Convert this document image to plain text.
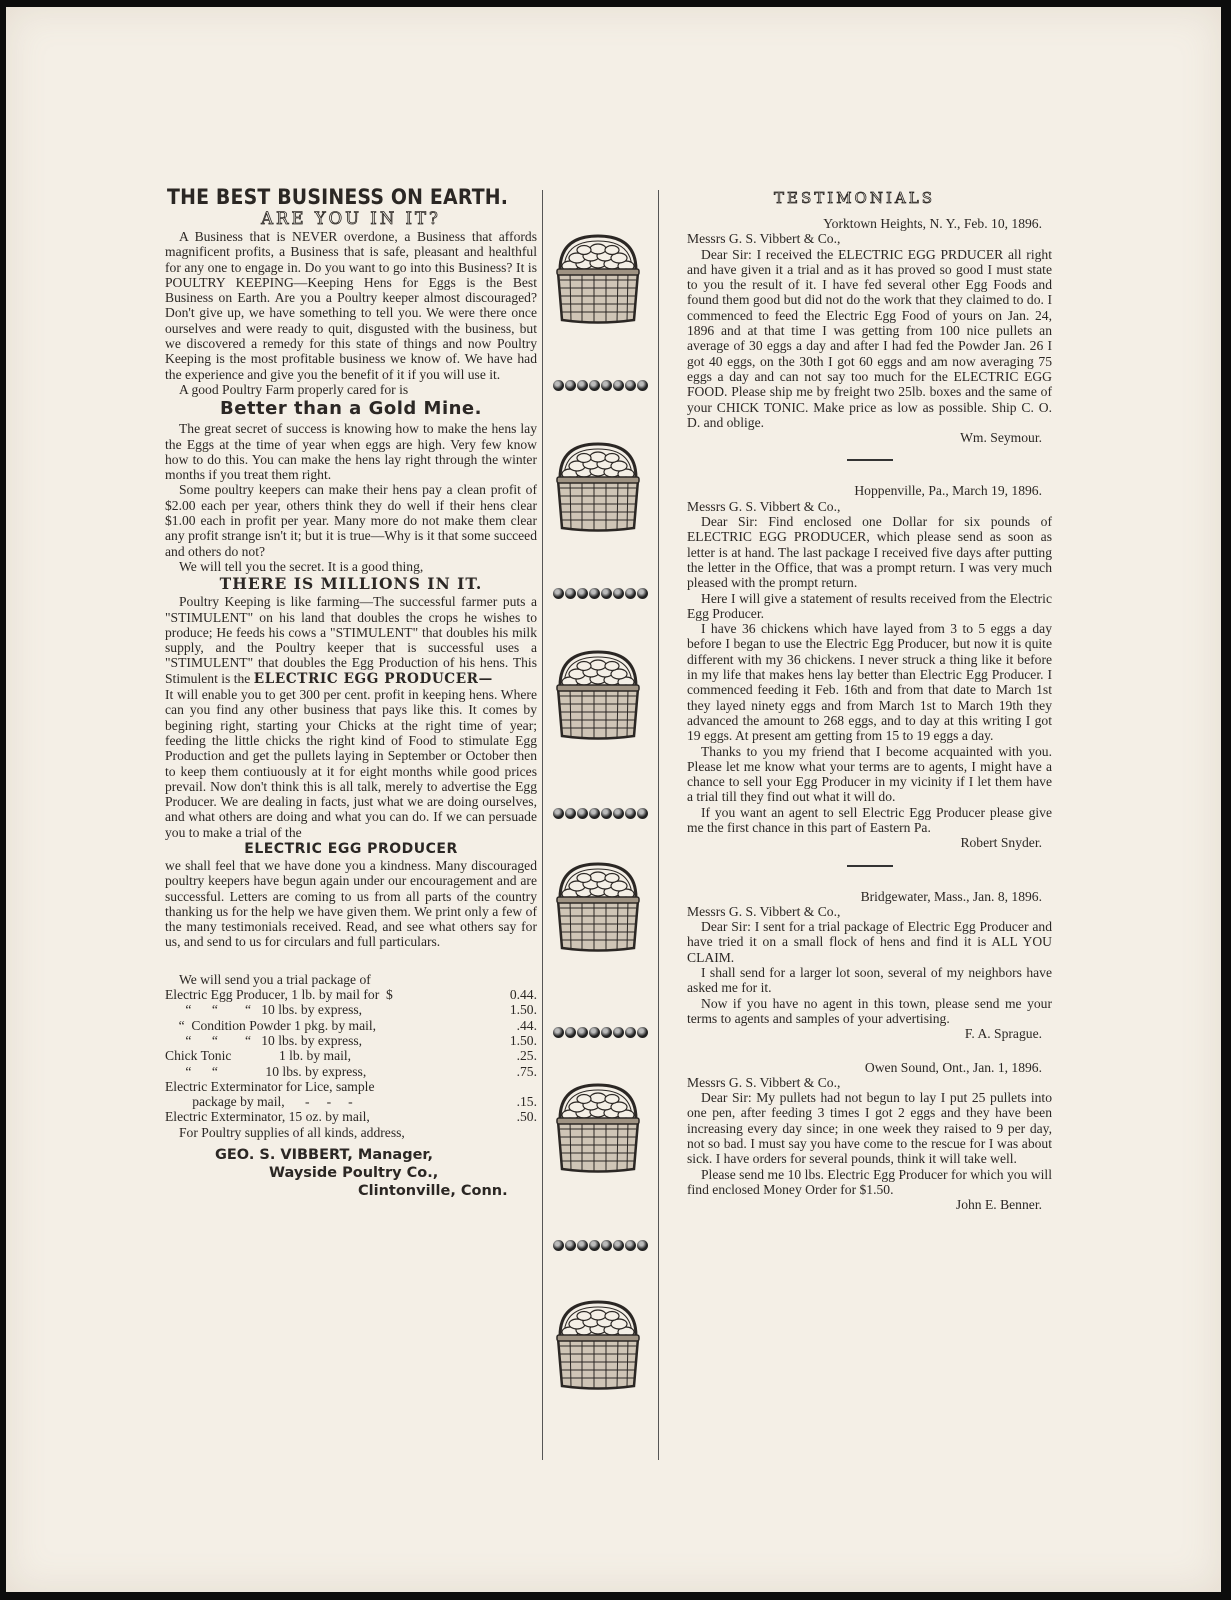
THE BEST BUSINESS ON EARTH.
ARE YOU IN IT?

A Business that is NEVER overdone, a Business that affords magnificent profits, a Business that is safe, pleasant and healthful for any one to engage in. Do you want to go into this Business? It is POULTRY KEEPING—Keeping Hens for Eggs is the Best Business on Earth. Are you a Poultry keeper almost discouraged? Don't give up, we have something to tell you. We were there once ourselves and were ready to quit, disgusted with the business, but we discovered a remedy for this state of things and now Poultry Keeping is the most profitable business we know of. We have had the experience and give you the benefit of it if you will use it.

A good Poultry Farm properly cared for is

Better than a Gold Mine.

The great secret of success is knowing how to make the hens lay the Eggs at the time of year when eggs are high. Very few know how to do this. You can make the hens lay right through the winter months if you treat them right.

Some poultry keepers can make their hens pay a clean profit of $2.00 each per year, others think they do well if their hens clear $1.00 each in profit per year. Many more do not make them clear any profit strange isn't it; but it is true—Why is it that some succeed and others do not?

We will tell you the secret. It is a good thing,

THERE IS MILLIONS IN IT.

Poultry Keeping is like farming—The successful farmer puts a "STIMULENT" on his land that doubles the crops he wishes to produce; He feeds his cows a "STIMULENT" that doubles his milk supply, and the Poultry keeper that is successful uses a "STIMULENT" that doubles the Egg Production of his hens. This Stimulent is the ELECTRIC EGG PRODUCER—

It will enable you to get 300 per cent. profit in keeping hens. Where can you find any other business that pays like this. It comes by begining right, starting your Chicks at the right time of year; feeding the little chicks the right kind of Food to stimulate Egg Production and get the pullets laying in September or October then to keep them contiuously at it for eight months while good prices prevail. Now don't think this is all talk, merely to advertise the Egg Producer. We are dealing in facts, just what we are doing ourselves, and what others are doing and what you can do. If we can persuade you to make a trial of the

ELECTRIC EGG PRODUCER

we shall feel that we have done you a kindness. Many discouraged poultry keepers have begun again under our encouragement and are successful. Letters are coming to us from all parts of the country thanking us for the help we have given them. We print only a few of the many testimonials received. Read, and see what others say for us, and send to us for circulars and full particulars.

We will send you a trial package of

Electric Egg Producer, 1 lb. by mail for  $	0.44.
“      “        “   10 lbs. by express,	1.50.
“  Condition Powder 1 pkg. by mail,	.44.
“      “        “   10 lbs. by express,	1.50.
Chick Tonic              1 lb. by mail,	.25.
“      “              10 lbs. by express,	.75.
Electric Exterminator for Lice, sample
package by mail,      -     -     -	.15.
Electric Exterminator, 15 oz. by mail,	.50.

For Poultry supplies of all kinds, address,

GEO. S. VIBBERT, Manager,
Wayside Poultry Co.,
Clintonville, Conn.
TESTIMONIALS
Yorktown Heights, N. Y., Feb. 10, 1896.
Messrs G. S. Vibbert & Co.,

Dear Sir: I received the ELECTRIC EGG PRDUCER all right and have given it a trial and as it has proved so good I must state to you the result of it. I have fed several other Egg Foods and found them good but did not do the work that they claimed to do. I commenced to feed the Electric Egg Food of yours on Jan. 24, 1896 and at that time I was getting from 100 nice pullets an average of 30 eggs a day and after I had fed the Powder Jan. 26 I got 40 eggs, on the 30th I got 60 eggs and am now averaging 75 eggs a day and can not say too much for the ELECTRIC EGG FOOD. Please ship me by freight two 25lb. boxes and the same of your CHICK TONIC. Make price as low as possible. Ship C. O. D. and oblige.

Wm. Seymour.
Hoppenville, Pa., March 19, 1896.
Messrs G. S. Vibbert & Co.,

Dear Sir: Find enclosed one Dollar for six pounds of ELECTRIC EGG PRODUCER, which please send as soon as letter is at hand. The last package I received five days after putting the letter in the Office, that was a prompt return. I was very much pleased with the prompt return.

Here I will give a statement of results received from the Electric Egg Producer.

I have 36 chickens which have layed from 3 to 5 eggs a day before I began to use the Electric Egg Producer, but now it is quite different with my 36 chickens. I never struck a thing like it before in my life that makes hens lay better than Electric Egg Producer. I commenced feeding it Feb. 16th and from that date to March 1st they layed ninety eggs and from March 1st to March 19th they advanced the amount to 268 eggs, and to day at this writing I got 19 eggs. At present am getting from 15 to 19 eggs a day.

Thanks to you my friend that I become acquainted with you. Please let me know what your terms are to agents, I might have a chance to sell your Egg Producer in my vicinity if I let them have a trial till they find out what it will do.

If you want an agent to sell Electric Egg Producer please give me the first chance in this part of Eastern Pa.

Robert Snyder.
Bridgewater, Mass., Jan. 8, 1896.
Messrs G. S. Vibbert & Co.,

Dear Sir: I sent for a trial package of Electric Egg Producer and have tried it on a small flock of hens and find it is ALL YOU CLAIM.

I shall send for a larger lot soon, several of my neighbors have asked me for it.

Now if you have no agent in this town, please send me your terms to agents and samples of your advertising.

F. A. Sprague.
Owen Sound, Ont., Jan. 1, 1896.
Messrs G. S. Vibbert & Co.,

Dear Sir: My pullets had not begun to lay I put 25 pullets into one pen, after feeding 3 times I got 2 eggs and they have been increasing every day since; in one week they raised to 9 per day, not so bad. I must say you have come to the rescue for I was about sick. I have orders for several pounds, think it will take well.

Please send me 10 lbs. Electric Egg Producer for which you will find enclosed Money Order for $1.50.

John E. Benner.
